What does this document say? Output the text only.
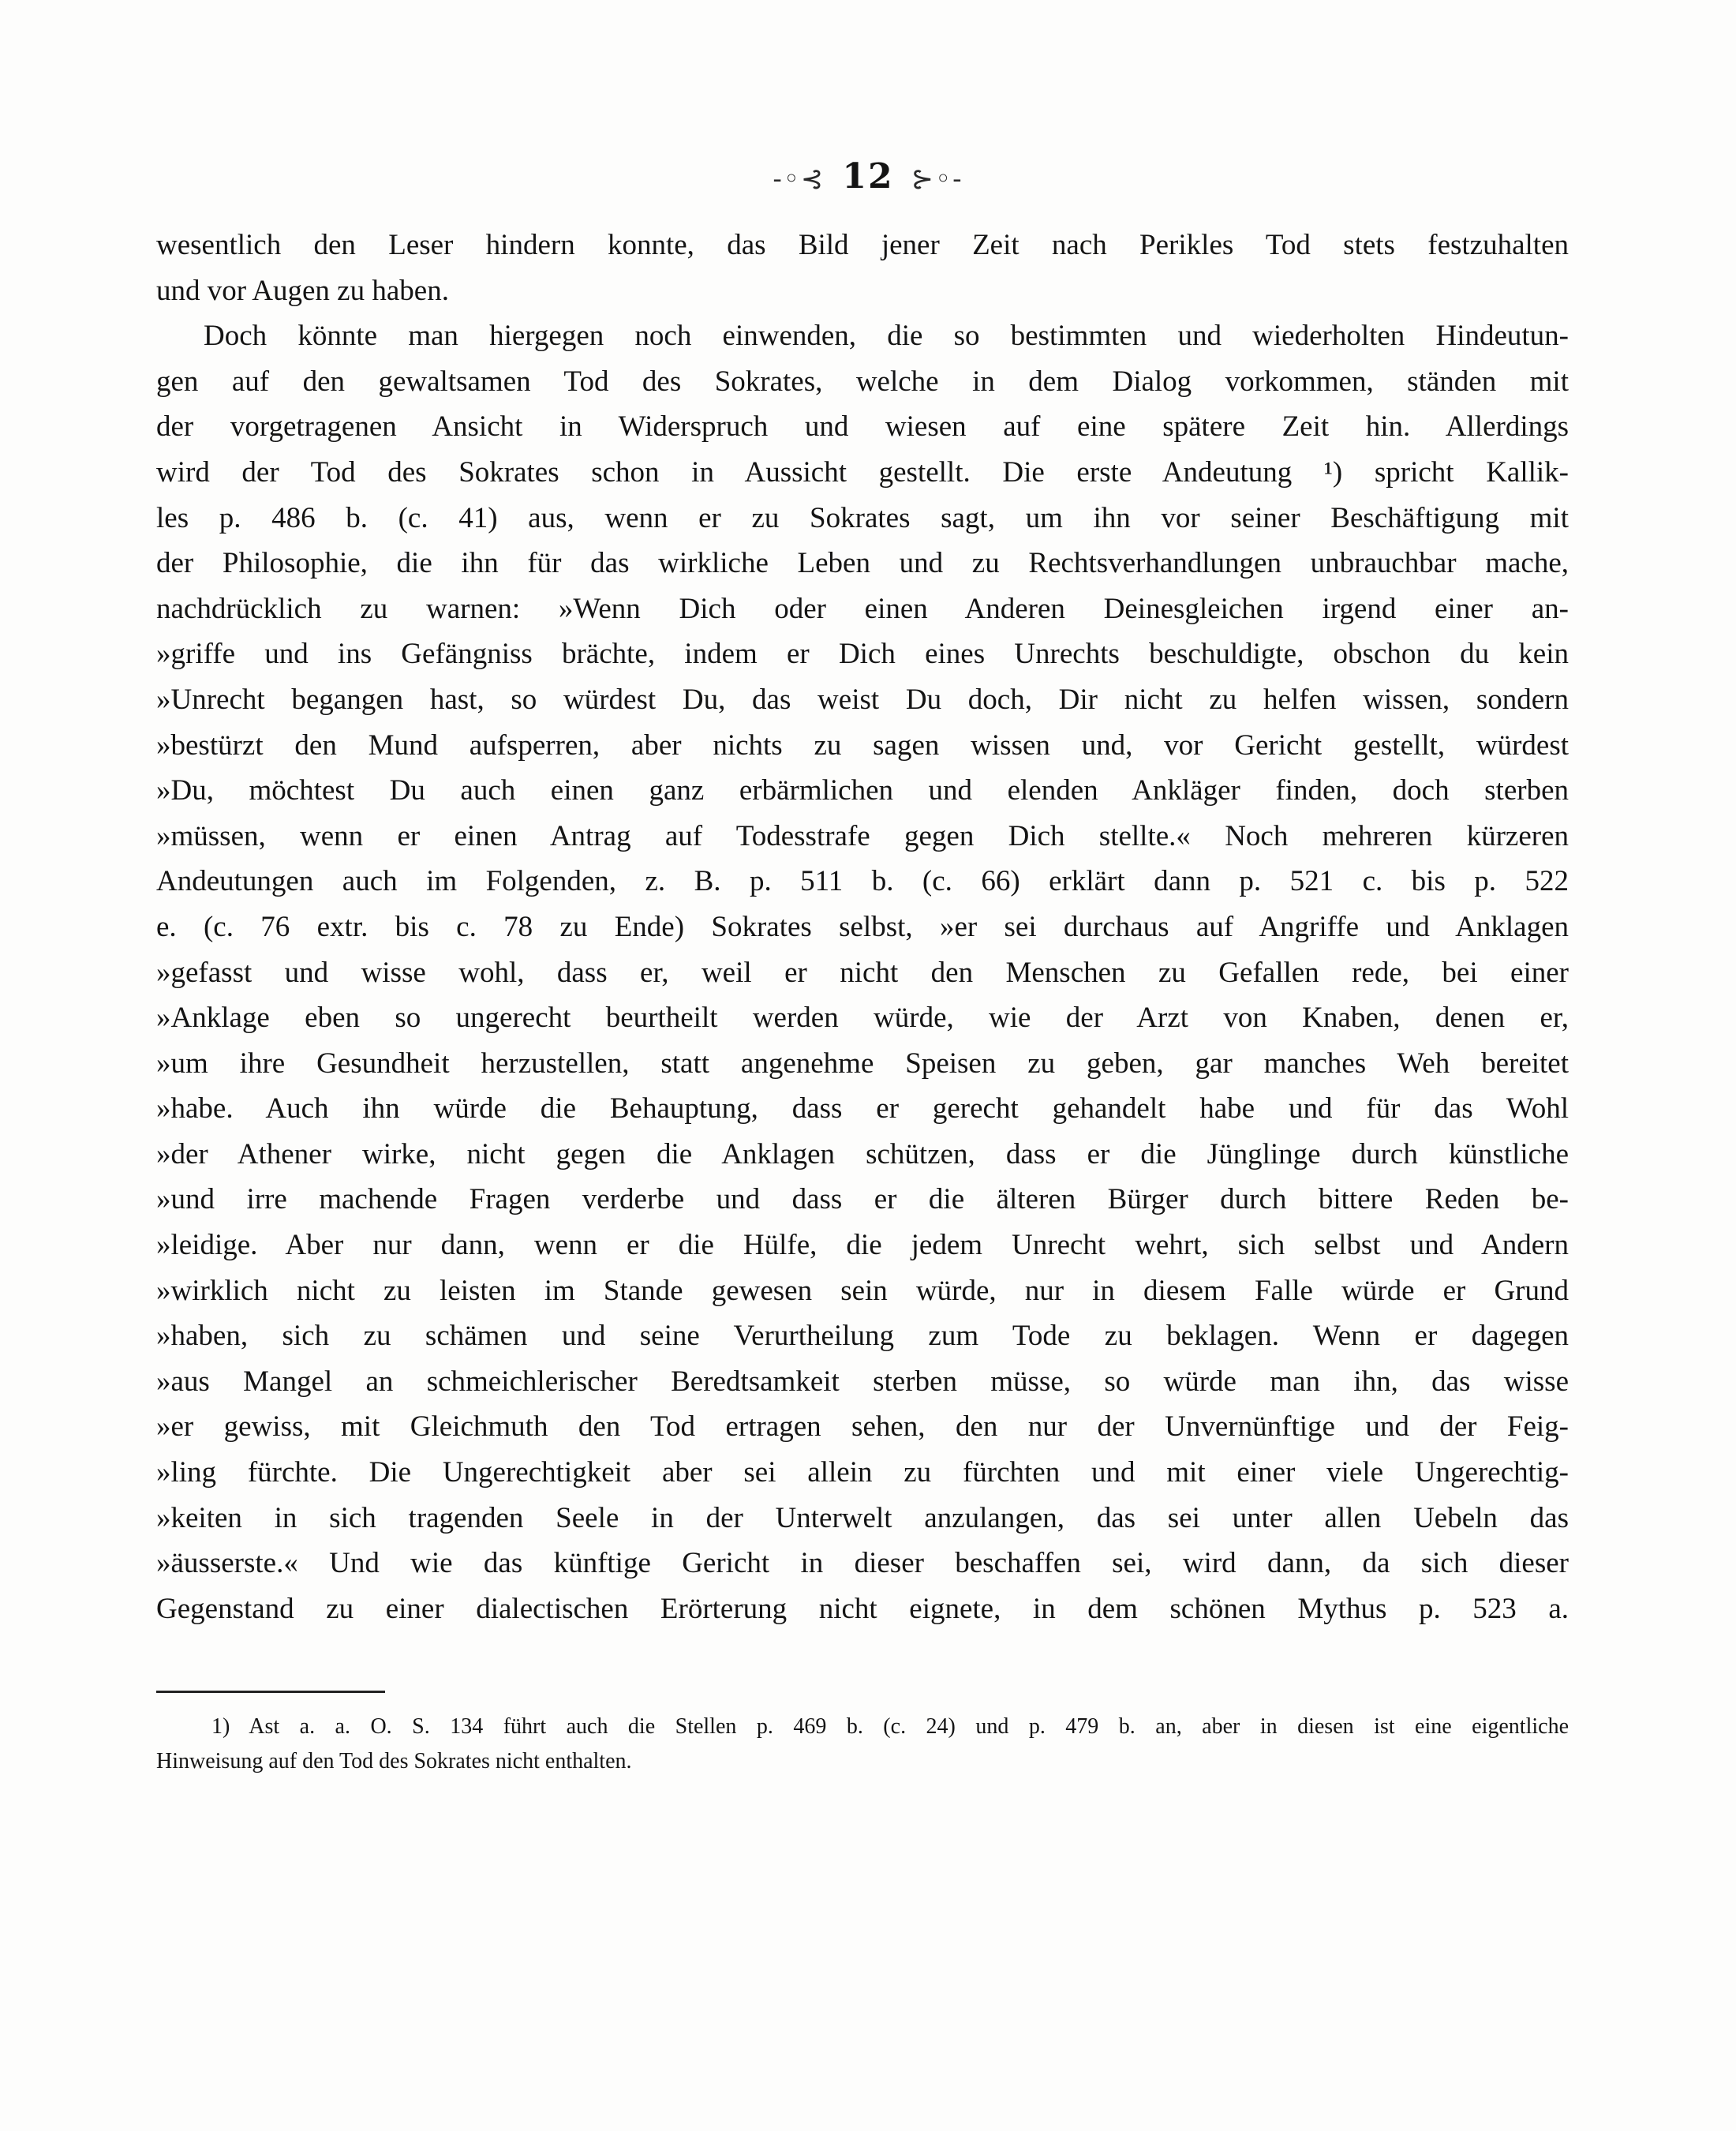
-◦⊰ 12 ⊱◦-
wesentlich den Leser hindern konnte, das Bild jener Zeit nach Perikles Tod stets festzuhalten
und vor Augen zu haben.
Doch könnte man hiergegen noch einwenden, die so bestimmten und wiederholten Hindeutun-
gen auf den gewaltsamen Tod des Sokrates, welche in dem Dialog vorkommen, ständen mit
der vorgetragenen Ansicht in Widerspruch und wiesen auf eine spätere Zeit hin. Allerdings
wird der Tod des Sokrates schon in Aussicht gestellt. Die erste Andeutung ¹) spricht Kallik-
les p. 486 b. (c. 41) aus, wenn er zu Sokrates sagt, um ihn vor seiner Beschäftigung mit
der Philosophie, die ihn für das wirkliche Leben und zu Rechtsverhandlungen unbrauchbar mache,
nachdrücklich zu warnen: »Wenn Dich oder einen Anderen Deinesgleichen irgend einer an-
»griffe und ins Gefängniss brächte, indem er Dich eines Unrechts beschuldigte, obschon du kein
»Unrecht begangen hast, so würdest Du, das weist Du doch, Dir nicht zu helfen wissen, sondern
»bestürzt den Mund aufsperren, aber nichts zu sagen wissen und, vor Gericht gestellt, würdest
»Du, möchtest Du auch einen ganz erbärmlichen und elenden Ankläger finden, doch sterben
»müssen, wenn er einen Antrag auf Todesstrafe gegen Dich stellte.« Noch mehreren kürzeren
Andeutungen auch im Folgenden, z. B. p. 511 b. (c. 66) erklärt dann p. 521 c. bis p. 522
e. (c. 76 extr. bis c. 78 zu Ende) Sokrates selbst, »er sei durchaus auf Angriffe und Anklagen
»gefasst und wisse wohl, dass er, weil er nicht den Menschen zu Gefallen rede, bei einer
»Anklage eben so ungerecht beurtheilt werden würde, wie der Arzt von Knaben, denen er,
»um ihre Gesundheit herzustellen, statt angenehme Speisen zu geben, gar manches Weh bereitet
»habe. Auch ihn würde die Behauptung, dass er gerecht gehandelt habe und für das Wohl
»der Athener wirke, nicht gegen die Anklagen schützen, dass er die Jünglinge durch künstliche
»und irre machende Fragen verderbe und dass er die älteren Bürger durch bittere Reden be-
»leidige. Aber nur dann, wenn er die Hülfe, die jedem Unrecht wehrt, sich selbst und Andern
»wirklich nicht zu leisten im Stande gewesen sein würde, nur in diesem Falle würde er Grund
»haben, sich zu schämen und seine Verurtheilung zum Tode zu beklagen. Wenn er dagegen
»aus Mangel an schmeichlerischer Beredtsamkeit sterben müsse, so würde man ihn, das wisse
»er gewiss, mit Gleichmuth den Tod ertragen sehen, den nur der Unvernünftige und der Feig-
»ling fürchte. Die Ungerechtigkeit aber sei allein zu fürchten und mit einer viele Ungerechtig-
»keiten in sich tragenden Seele in der Unterwelt anzulangen, das sei unter allen Uebeln das
»äusserste.« Und wie das künftige Gericht in dieser beschaffen sei, wird dann, da sich dieser
Gegenstand zu einer dialectischen Erörterung nicht eignete, in dem schönen Mythus p. 523 a.
1) Ast a. a. O. S. 134 führt auch die Stellen p. 469 b. (c. 24) und p. 479 b. an, aber in diesen ist eine eigentliche
Hinweisung auf den Tod des Sokrates nicht enthalten.
